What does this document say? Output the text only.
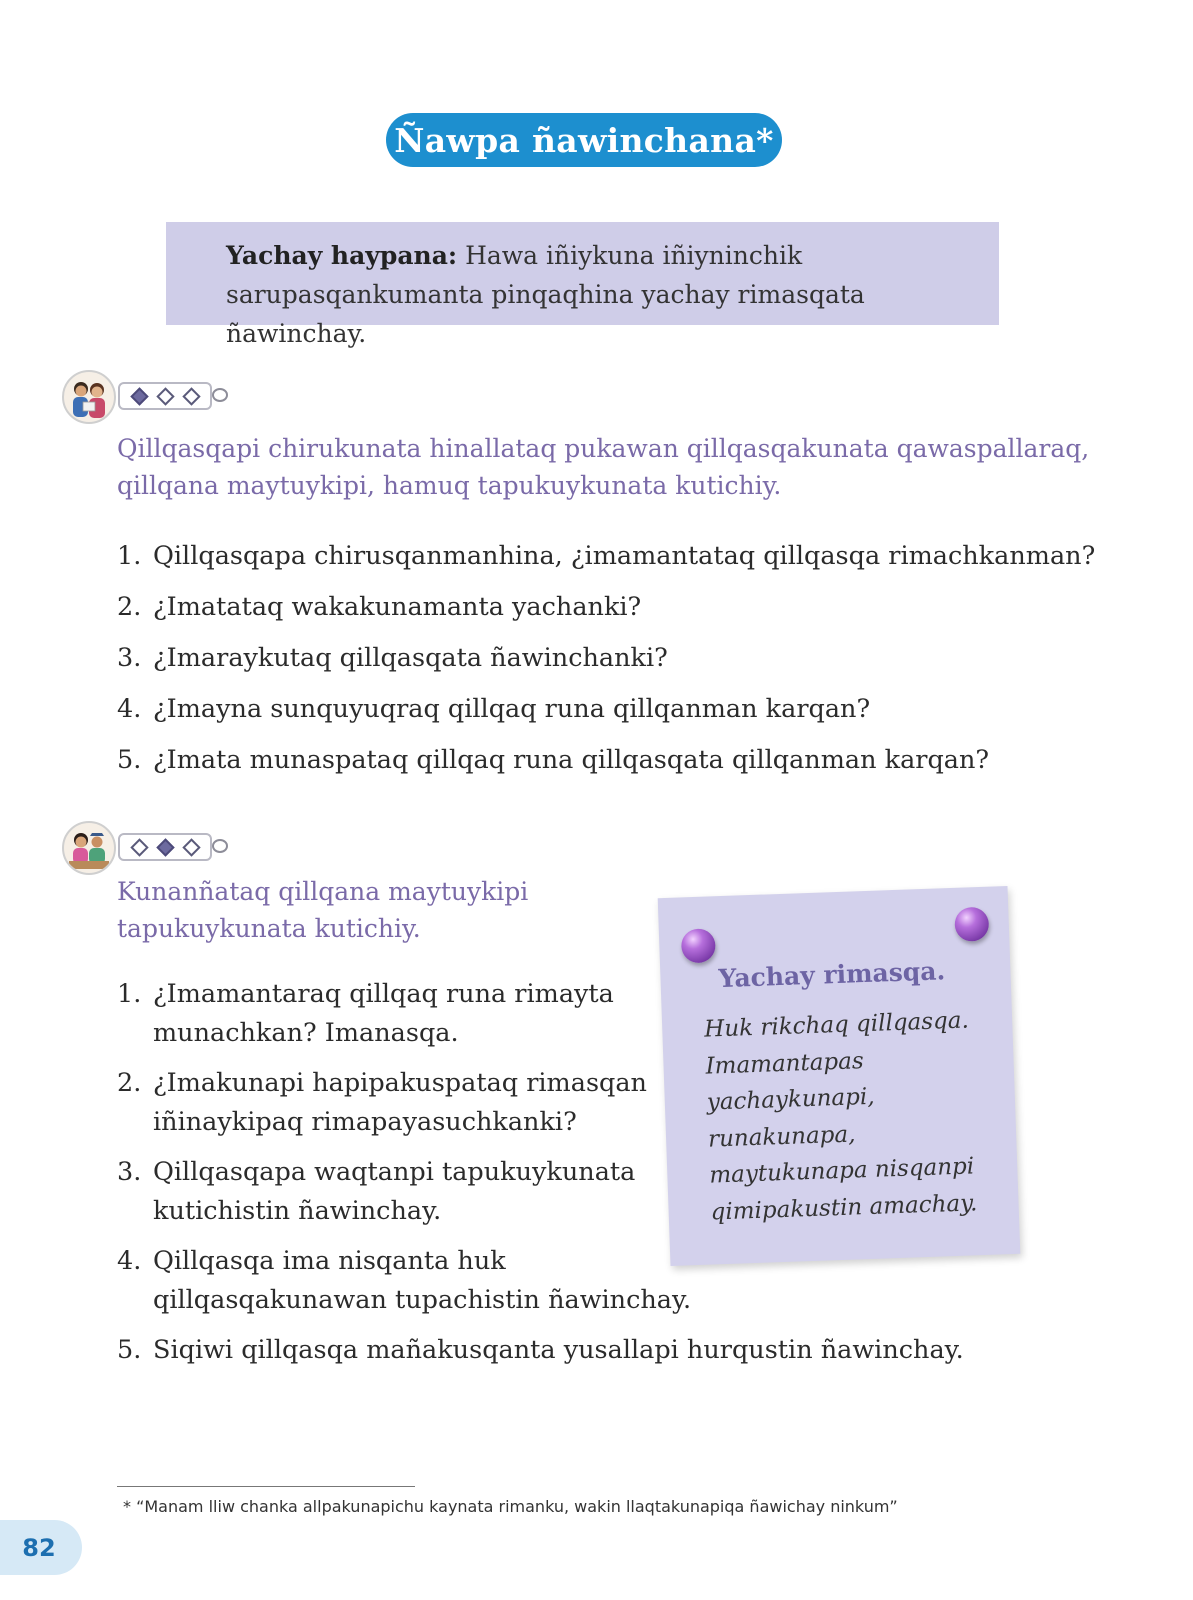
Ñawpa ñawinchana*
Yachay haypana: Hawa iñiykuna iñiyninchik
sarupasqankumanta pinqaqhina yachay rimasqata ñawinchay.
Qillqasqapi chirukunata hinallataq pukawan qillqasqakunata qawaspallaraq,
qillqana maytuykipi, hamuq tapukuykunata kutichiy.
1. Qillqasqapa chirusqanmanhina, ¿imamantataq qillqasqa rimachkanman?
2. ¿Imatataq wakakunamanta yachanki?
3. ¿Imaraykutaq qillqasqata ñawinchanki?
4. ¿Imayna sunquyuqraq qillqaq runa qillqanman karqan?
5. ¿Imata munaspataq qillqaq runa qillqasqata qillqanman karqan?
Kunanñataq qillqana maytuykipi
tapukuykunata kutichiy.
1. ¿Imamantaraq qillqaq runa rimayta
munachkan? Imanasqa.
2. ¿Imakunapi hapipakuspataq rimasqan
iñinaykipaq rimapayasuchkanki?
3. Qillqasqapa waqtanpi tapukuykunata
kutichistin ñawinchay.
4. Qillqasqa ima nisqanta huk
qillqasqakunawan tupachistin ñawinchay.
5. Siqiwi qillqasqa mañakusqanta yusallapi hurqustin ñawinchay.
Yachay rimasqa.
Huk rikchaq qillqasqa.
Imamantapas
yachaykunapi,
runakunapa,
maytukunapa nisqanpi
qimipakustin amachay.
* “Manam lliw chanka allpakunapichu kaynata rimanku, wakin llaqtakunapiqa ñawichay ninkum”
82
